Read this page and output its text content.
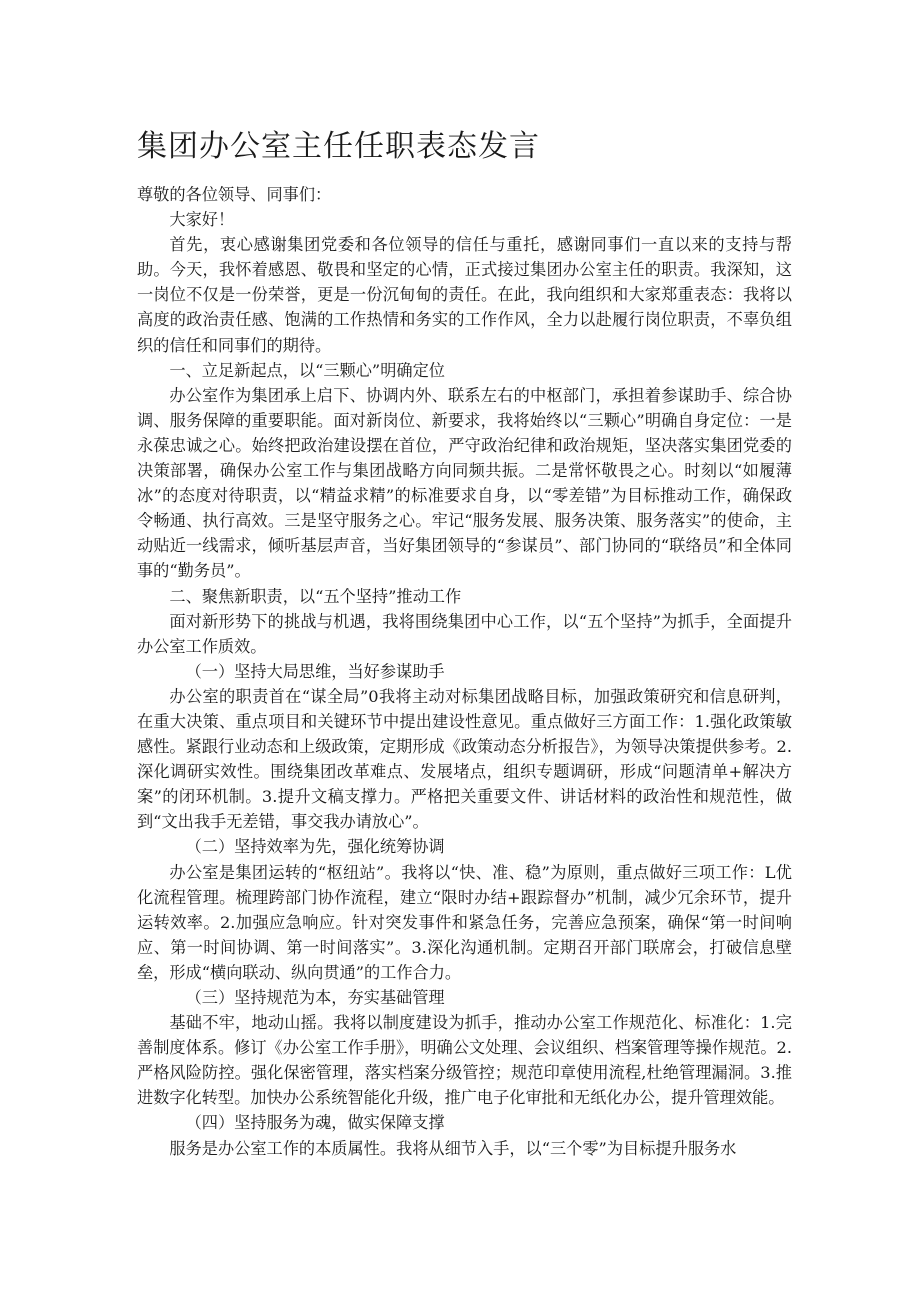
集团办公室主任任职表态发言

尊敬的各位领导、同事们：

大家好！

首先，衷心感谢集团党委和各位领导的信任与重托，感谢同事们一直以来的支持与帮助。今天，我怀着感恩、敬畏和坚定的心情，正式接过集团办公室主任的职责。我深知，这一岗位不仅是一份荣誉，更是一份沉甸甸的责任。在此，我向组织和大家郑重表态：我将以高度的政治责任感、饱满的工作热情和务实的工作作风，全力以赴履行岗位职责，不辜负组织的信任和同事们的期待。

一、立足新起点，以“三颗心”明确定位

办公室作为集团承上启下、协调内外、联系左右的中枢部门，承担着参谋助手、综合协调、服务保障的重要职能。面对新岗位、新要求，我将始终以“三颗心”明确自身定位：一是永葆忠诚之心。始终把政治建设摆在首位，严守政治纪律和政治规矩，坚决落实集团党委的决策部署，确保办公室工作与集团战略方向同频共振。二是常怀敬畏之心。时刻以“如履薄冰”的态度对待职责，以“精益求精”的标准要求自身，以“零差错”为目标推动工作，确保政令畅通、执行高效。三是坚守服务之心。牢记“服务发展、服务决策、服务落实”的使命，主动贴近一线需求，倾听基层声音，当好集团领导的“参谋员”、部门协同的“联络员”和全体同事的“勤务员”。

二、聚焦新职责，以“五个坚持”推动工作

面对新形势下的挑战与机遇，我将围绕集团中心工作，以“五个坚持”为抓手，全面提升办公室工作质效。

（一）坚持大局思维，当好参谋助手

办公室的职责首在“谋全局”0我将主动对标集团战略目标，加强政策研究和信息研判，在重大决策、重点项目和关键环节中提出建设性意见。重点做好三方面工作：1.强化政策敏感性。紧跟行业动态和上级政策，定期形成《政策动态分析报告》，为领导决策提供参考。2.深化调研实效性。围绕集团改革难点、发展堵点，组织专题调研，形成“问题清单+解决方案”的闭环机制。3.提升文稿支撑力。严格把关重要文件、讲话材料的政治性和规范性，做到“文出我手无差错，事交我办请放心”。

（二）坚持效率为先，强化统筹协调

办公室是集团运转的“枢纽站”。我将以“快、准、稳”为原则，重点做好三项工作：L优化流程管理。梳理跨部门协作流程，建立“限时办结+跟踪督办”机制，减少冗余环节，提升运转效率。2.加强应急响应。针对突发事件和紧急任务，完善应急预案，确保“第一时间响应、第一时间协调、第一时间落实”。3.深化沟通机制。定期召开部门联席会，打破信息壁垒，形成“横向联动、纵向贯通”的工作合力。

（三）坚持规范为本，夯实基础管理

基础不牢，地动山摇。我将以制度建设为抓手，推动办公室工作规范化、标准化：1.完善制度体系。修订《办公室工作手册》，明确公文处理、会议组织、档案管理等操作规范。2.严格风险防控。强化保密管理，落实档案分级管控；规范印章使用流程,杜绝管理漏洞。3.推进数字化转型。加快办公系统智能化升级，推广电子化审批和无纸化办公，提升管理效能。

（四）坚持服务为魂，做实保障支撑

服务是办公室工作的本质属性。我将从细节入手，以“三个零”为目标提升服务水
